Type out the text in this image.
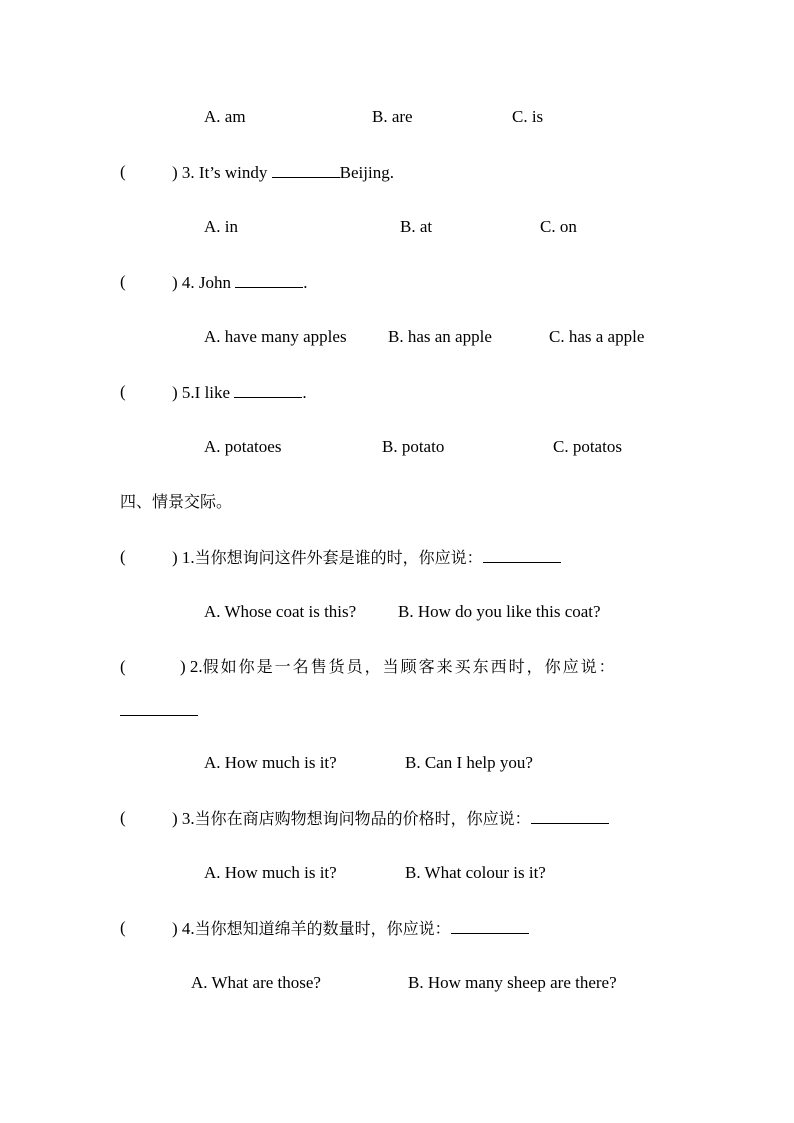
A. am	B. are	C. is
(	) 3. It’s windy	Beijing.
A. in	B. at	C. on
(	) 4. John	.
A. have many apples B. has an apple	C. has a apple
(	) 5.I like	.
A. potatoes	B. potato	C. potatos
四、情景交际。
(	) 1.当你想询问这件外套是谁的时，你应说：
A. Whose coat is this? B. How do you like this coat?
(	) 2.假如你是一名售货员，当顾客来买东西时，你应说：
A. How much is it?	B. Can I help you?
(	) 3.当你在商店购物想询问物品的价格时，你应说：
A. How much is it?	B. What colour is it?
(	) 4.当你想知道绵羊的数量时，你应说：
A. What are those?	B. How many sheep are there?
